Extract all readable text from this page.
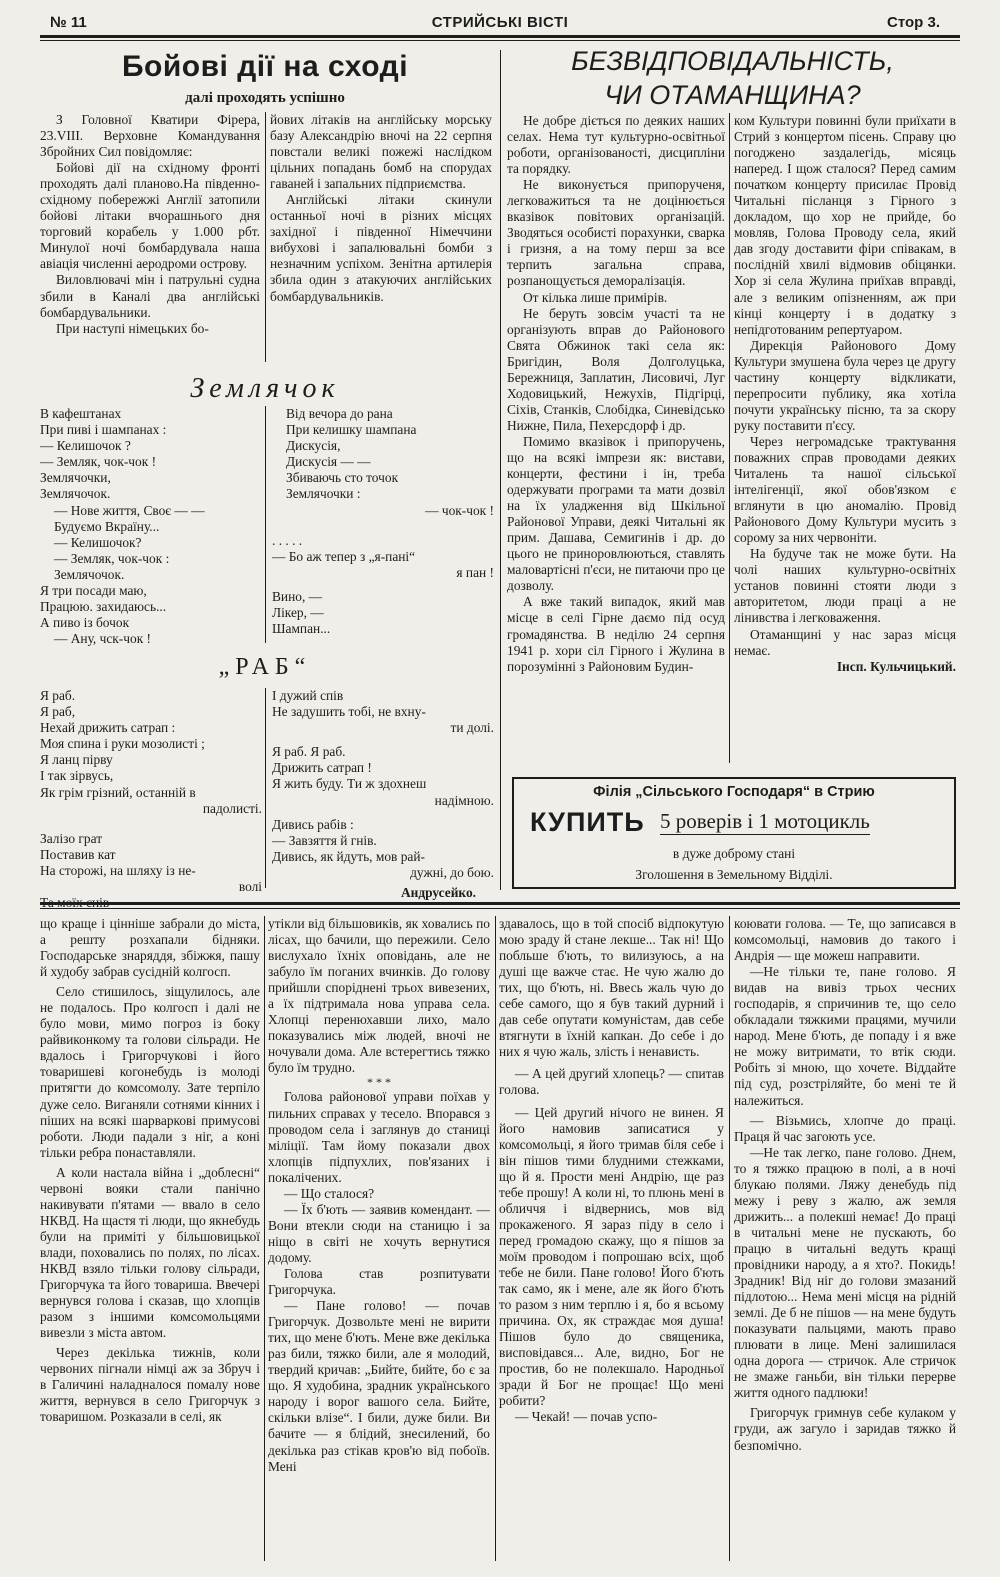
№ 11	СТРИЙСЬКІ ВІСТІ	Стор 3.
Бойові дії на сході
далі проходять успішно

З Головної Кватири Фірера, 23.VIII. Верховне Командування Збройних Сил повідомляє:

Бойові дії на східному фронті проходять далі плановo.На південно-східному побережжі Англії затопили бойові літаки вчорашнього дня торговий корабель у 1.000 рбт. Минулої ночі бомбардувала наша авіація численні аеродроми острову.

Виловлювачі мін і патрульні судна збили в Каналі два англійські бомбардувальники.

При наступі німецьких бо-

йових літаків на англійську морську базу Александрію вночі на 22 серпня повстали великі пожежі наслідком цільних попадань бомб на спорудах гаваней і запальних підприємства.

Англійські літаки скинули останньої ночі в різних місцях західної і південної Німеччини вибухові і запалювальні бомби з незначним успіхом. Зенітна артилерія збила один з атакуючих англійських бомбардувальників.

Землячок
В кафештанах
При пиві і шампанах :
— Келишочок ?
— Земляк, чок-чок !
Землячочки,
Землячочок.
— Нове життя, Своє — —
Будуємо Вкраїну...
— Келишочок?
— Земляк, чок-чок :
Землячочок.
Я три посади маю,
Працюю. захидаюсь...
А пиво із бочок
— Ану, чск-чок !
Від вечора до рана
При келишку шампана
Дискусія,
Дискусія — —
Збиваючь сто точок
Землячочки :
— чок-чок !
. . . . .
— Бо аж тепер з „я-пані“
я пан !
Вино, —
Лікер, —
Шампан...
„РАБ“
Я раб.
Я раб,
Нехай дрижить сатрап :
Моя спина і руки мозолисті ;
Я ланц пірву
І так зірвусь,
Як грім грізний, останній в
падолисті.
Залізо грат
Поставив кат
На сторожі, на шляху із не-
волі
І дужий спів
Не задушить тобі, не вхну-
ти долі.
Я раб. Я раб.
Дрижить сатрап !
Я жить буду. Ти ж здохнеш
надімною.
Дивись рабів :
— Завзяття й гнів.
Дивись, як йдуть, мов рай-
дужні, до бою.
Андрусейко.
БЕЗВІДПОВІДАЛЬНІСТЬ,
ЧИ ОТАМАНЩИНА?

Не добре діється по деяких наших селах. Нема тут культурно-освітньої роботи, організованості, дисципліни та порядку.

Не виконується припорученя, легковажиться та не доцінюється вказівок повітових організацій. Зводяться особисті порахунки, сварка і гризня, а на тому перш за все терпить загальна справа, розпанощується деморалізація.

От кілька лише примірів.

Не беруть зовсім участі та не організують вправ до Районового Свята Обжинок такі села як: Бригідин, Воля Долголуцька, Бережниця, Заплатин, Лисовичі, Луг Ходовицький, Нежухів, Підгірці, Сіхів, Станків, Слобідка, Синевідсько Нижне, Пила, Пехерсдорф і др.

Помимо вказівок і припоручень, що на всякі імпрези як: вистави, концерти, фестини і ін, треба одержувати програми та мати дозвіл на їх уладження від Шкільної Районової Управи, деякі Читальні як прим. Дашава, Семигинів і др. до цього не приноровлюються, ставлять маловартісні п'єси, не питаючи про це дозволу.

А вже такий випадок, який мав місце в селі Гірне даємо під осуд громадянства. В неділю 24 серпня 1941 р. хори сіл Гірного і Жулина в порозумінні з Районовим Будин-

ком Культури повинні були приїхати в Стрий з концертом пісень. Справу цю погоджено заздалегідь, місяць наперед. І щож сталося? Перед самим початком концерту присилає Провід Читальні післанця з Гірного з докладом, що хор не прийде, бо мовляв, Голова Проводу села, який дав згоду доставити фіри співакам, в послідній хвилі відмовив обіцянки. Хор зі села Жулина приїхав вправді, але з великим опізненням, аж при кінці концерту і в додатку з непідготованим репертуаром.

Дирекція Районового Дому Культури змушена була через це другу частину концерту відкликати, перепросити публику, яка хотіла почути українську пісню, та за скору руку поставити п'єсу.

Через негромадське трактування поважних справ проводами деяких Читалень та нашої сільської інтелігенції, якої обов'язком є вглянути в цю аномалію. Провід Районового Дому Культури мусить з сорому за них червоніти.

На будуче так не може бути. На чолі наших культурно-освітніх установ повинні стояти люди з авторитетом, люди праці а не лінивства і легковаження.

Отаманщині у нас зараз місця немає.

Інсп. Кульчицький.
Філія „Сільського Господаря“ в Стрию
КУПИТЬ 5 роверів і 1 мотоцикль
в дуже доброму стані
Зголошення в Земельному Відділі.

що краще і цінніше забрали до міста, а решту розхапали бідняки. Господарське знаряддя, збіжжя, пашу й худобу забрав сусідній колгосп.

Село стишилось, зіщулилось, але не подалось. Про колгосп і далі не було мови, мимо погроз із боку райвиконкому та голови сільради. Не вдалось і Григорчукові і його товаришеві когонебудь із молоді притягти до комсомолу. Зате терпіло дуже село. Виганяли сотнями кінних і піших на всякі шарваркові примусові роботи. Люди падали з ніг, а коні тільки ребра понаставляли.

А коли настала війна і „доблесні“ червоні вояки стали панічно накивувати п'ятами — ввало в село НКВД. На щастя ті люди, що якнебудь були на приміті у більшовицької влади, поховались по полях, по лісах. НКВД взяло тільки голову сільради, Григорчука та його товариша. Ввечері вернувся голова і сказав, що хлопців разом з іншими комсомольцями вивезли з міста автом.

Через декілька тижнів, коли червоних пігнали німці аж за Збруч і в Галичині наладналося помалу нове життя, вернувся в село Григорчук з товаришом. Розказали в селі, як

утікли від більшовиків, як ховались по лісах, що бачили, що пережили. Село вислухало їхніх оповідань, але не забуло їм поганих вчинків. До голову прийшли споріднені трьох вивезених, а їх підтримала нова управа села. Хлопці перенюхавши лихо, мало показувались між людей, вночі не ночували дома. Але встерегтись тяжко було їм трудно.

* * *

Голова районової управи поїхав у пильних справах у тесело. Впорався з проводом села і заглянув до станиці міліції. Там йому показали двох хлопців підпухлих, пов'язаних і покалічених.

— Що сталося?

— Їх б'ють — заявив комендант. — Вони втекли сюди на станицю і за ніщо в світі не хочуть вернутися додому.

Голова став розпитувати Григорчука.

— Пане голово! — почав Григорчук. Дозвольте мені не вирити тих, що мене б'ють. Мене вже декілька раз били, тяжко били, але я молодий, твердий кричав: „Бийте, бийте, бо є за що. Я худобина, зрадник українського народу і ворог вашого села. Бийте, скільки влізе“. І били, дуже били. Ви бачите — я блідий, знесилений, бо декілька раз стікав кров'ю від побоїв. Мені

здавалось, що в той спосіб відпокутую мою зраду й стане лекше... Так ні! Що побльше б'ють, то вилизуюсь, а на душі ще важче стає. Не чую жалю до тих, що б'ють, ні. Ввесь жаль чую до себе самого, що я був такий дурний і дав себе опутати комуністам, дав себе втягнути в їхній капкан. До себе і до них я чую жаль, злість і ненависть.

— А цей другий хлопець? — спитав голова.

— Цей другий нічого не винен. Я його намовив записатися у комсомольці, я його тримав біля себе і він пішов тими блудними стежками, що й я. Прости мені Андрію, ще раз тебе прошу! А коли ні, то плюнь мені в обличчя і відвернись, мов від прокаженого. Я зараз піду в село і перед громадою скажу, що я пішов за моїм проводом і попрошаю всіх, щоб тебе не били. Пане голово! Його б'ють так само, як і мене, але як його б'ють то разом з ним терплю і я, бо я всьому причина. Ох, як страждає моя душа! Пішов було до священика, висповідався... Але, видно, Бог не простив, бо не полекшало. Народньої зради й Бог не прощає! Що мені робити?

— Чекай! — почав успо-

коювати голова. — Те, що записався в комсомольці, намовив до такого і Андрія — ще можеш направити.

—Не тільки те, пане голово. Я видав на вивіз трьох чесних господарів, я спричинив те, що село обкладали тяжкими працями, мучили народ. Мене б'ють, де попаду і я вже не можу витримати, то втік сюди. Робіть зі мною, що хочете. Віддайте під суд, розстріляйте, бо мені те й належиться.

— Візьмись, хлопче до праці. Праця й час загоють усе.

—Не так легко, пане голово. Днем, то я тяжко працюю в полі, а в ночі блукаю полями. Ляжу денебудь під межу і реву з жалю, аж земля дрижить... а полекші немає! До праці в читальні мене не пускають, бо працю в читальні ведуть кращі провідники народу, а я хто?. Покидь! Зрадник! Від ніг до голови змазаний підлотою... Нема мені місця на рідній землі. Де б не пішов — на мене будуть показувати пальцями, мають право плювати в лице. Мені залишилася одна дорога — стричок. Але стричок не змаже ганьби, він тільки перерве життя одного падлюки!

Григорчук гримнув себе кулаком у груди, аж загуло і заридав тяжко й безпомічно.
